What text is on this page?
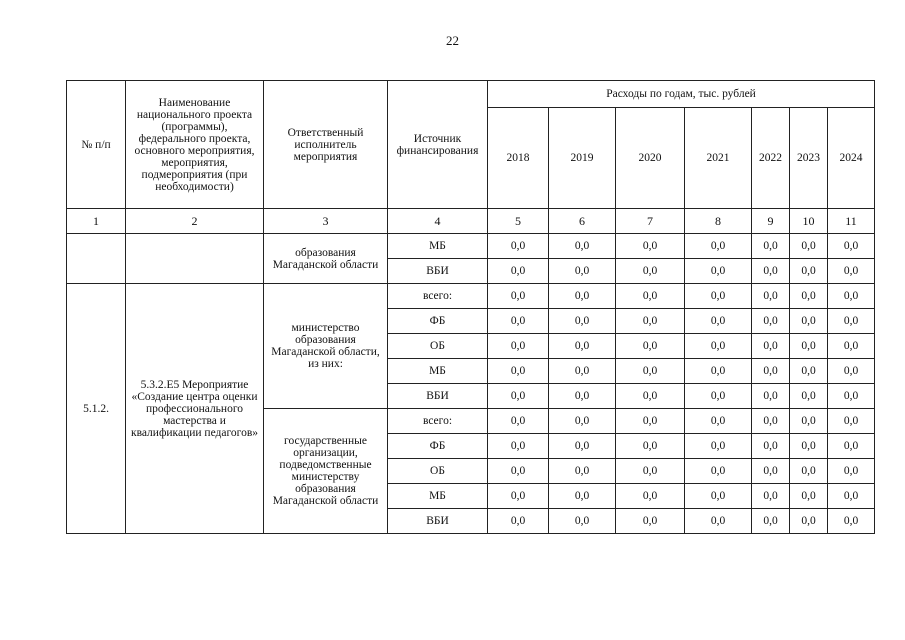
22
№ п/п	Наименование национального проекта (программы), федерального проекта, основного мероприятия, мероприятия, подмероприятия (при необходимости)	Ответственный исполнитель мероприятия	Источник финансирования	Расходы по годам, тыс. рублей						
				2018	2019	2020	2021	2022	2023	2024
1	2	3	4	5	6	7	8	9	10	11
		образования Магаданской области	МБ	0,0	0,0	0,0	0,0	0,0	0,0	0,0
			ВБИ	0,0	0,0	0,0	0,0	0,0	0,0	0,0
5.1.2.	5.3.2.Е5 Мероприятие «Создание центра оценки профессионального мастерства и квалификации педагогов»	министерство образования Магаданской области, из них:	всего:	0,0	0,0	0,0	0,0	0,0	0,0	0,0
			ФБ	0,0	0,0	0,0	0,0	0,0	0,0	0,0
			ОБ	0,0	0,0	0,0	0,0	0,0	0,0	0,0
			МБ	0,0	0,0	0,0	0,0	0,0	0,0	0,0
			ВБИ	0,0	0,0	0,0	0,0	0,0	0,0	0,0
		государственные организации, подведомственные министерству образования Магаданской области	всего:	0,0	0,0	0,0	0,0	0,0	0,0	0,0
			ФБ	0,0	0,0	0,0	0,0	0,0	0,0	0,0
			ОБ	0,0	0,0	0,0	0,0	0,0	0,0	0,0
			МБ	0,0	0,0	0,0	0,0	0,0	0,0	0,0
			ВБИ	0,0	0,0	0,0	0,0	0,0	0,0	0,0
